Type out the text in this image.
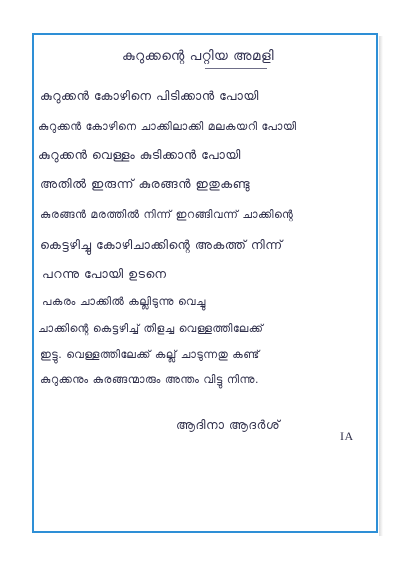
കുറുക്കന്റെ പറ്റിയ അമളി
കുറുക്കൻ കോഴിനെ പിടിക്കാൻ പോയി
കുറുക്കൻ കോഴിനെ ചാക്കിലാക്കി മലകയറി പോയി
കുറുക്കൻ വെള്ളം കുടിക്കാൻ പോയി
അതിൽ ഇരുന്ന് കുരങ്ങൻ ഇതുകണ്ടു
കുരങ്ങൻ മരത്തിൽ നിന്ന് ഇറങ്ങിവന്ന് ചാക്കിന്റെ
കെട്ടഴിച്ചു കോഴിചാക്കിന്റെ അകത്ത് നിന്ന്
പറന്നു പോയി ഉടനെ
പകരം ചാക്കിൽ കല്ലിടുന്നു വെച്ചു
ചാക്കിന്റെ കെട്ടഴിച്ച് തിളച്ച വെള്ളത്തിലേക്ക്
ഇട്ടു. വെള്ളത്തിലേക്ക് കല്ല് ചാടുന്നതു കണ്ട്
കുറുക്കനും കുരങ്ങന്മാരും അന്തം വിട്ടു നിന്നു.
ആദിനാ ആദർശ്
IA
